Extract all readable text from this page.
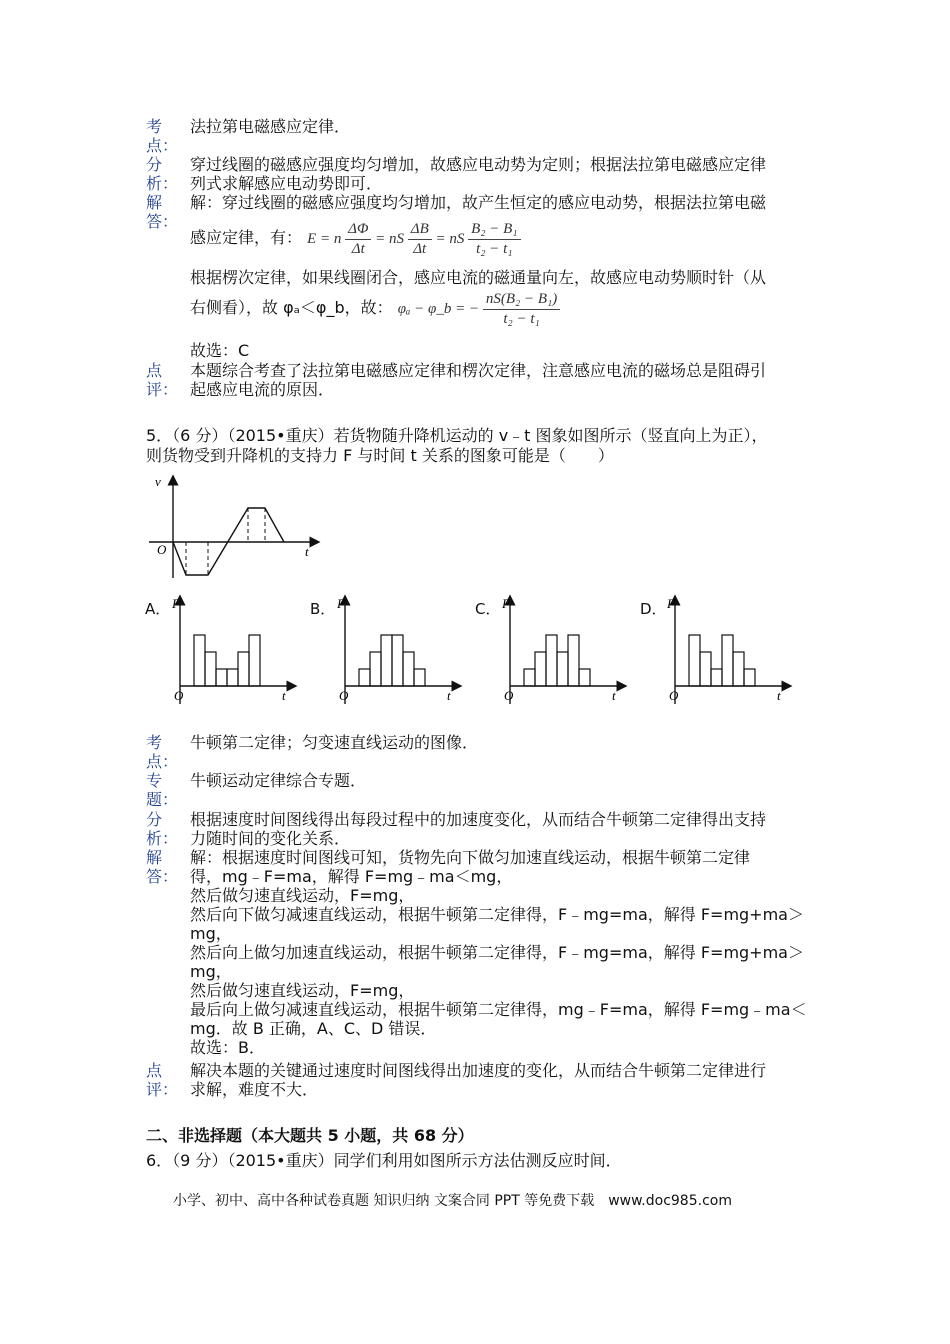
考
点：
法拉第电磁感应定律．
分
析：
穿过线圈的磁感应强度均匀增加，故感应电动势为定则；根据法拉第电磁感应定律
列式求解感应电动势即可．
解
答：
解：穿过线圈的磁感应强度均匀增加，故产生恒定的感应电动势，根据法拉第电磁
感应定律，有： E = n $\frac{\Delta\Phi}{\Delta t}$ = nS $\frac{\Delta B}{\Delta t}$ = nS $\frac{\text{B₂ − B₁}}{\text{t₂ − t₁}}$
根据楞次定律，如果线圈闭合，感应电流的磁通量向左，故感应电动势顺时针（从
右侧看），故 φₐ＜φ_b，故： φₐ − φ_b = − $\frac{\text{nS(B₂ − B₁)}}{\text{t₂ − t₁}}$
故选：C
点
评：
本题综合考查了法拉第电磁感应定律和楞次定律，注意感应电流的磁场总是阻碍引
起感应电流的原因．
5．（6 分）（2015•重庆）若货物随升降机运动的 v﹣t 图象如图所示（竖直向上为正），
则货物受到升降机的支持力 F 与时间 t 关系的图象可能是（　　）
v
t
O
A．	B．	C．	D．
F
O	t
F
O	t
F
O	t
F
O	t
考
点：
牛顿第二定律；匀变速直线运动的图像．
专
题：
牛顿运动定律综合专题．
分
析：
根据速度时间图线得出每段过程中的加速度变化，从而结合牛顿第二定律得出支持
力随时间的变化关系．
解
答：
解：根据速度时间图线可知，货物先向下做匀加速直线运动，根据牛顿第二定律
得，mg﹣F=ma，解得 F=mg﹣ma＜mg，
然后做匀速直线运动，F=mg，
然后向下做匀减速直线运动，根据牛顿第二定律得，F﹣mg=ma，解得 F=mg+ma＞
mg，
然后向上做匀加速直线运动，根据牛顿第二定律得，F﹣mg=ma，解得 F=mg+ma＞
mg，
然后做匀速直线运动，F=mg，
最后向上做匀减速直线运动，根据牛顿第二定律得，mg﹣F=ma，解得 F=mg﹣ma＜
mg．故 B 正确，A、C、D 错误．
故选：B．
点
评：
解决本题的关键通过速度时间图线得出加速度的变化，从而结合牛顿第二定律进行
求解，难度不大．
二、非选择题（本大题共 5 小题，共 68 分）
6．（9 分）（2015•重庆）同学们利用如图所示方法估测反应时间．
小学、初中、高中各种试卷真题 知识归纳 文案合同 PPT 等免费下载　www.doc985.com
